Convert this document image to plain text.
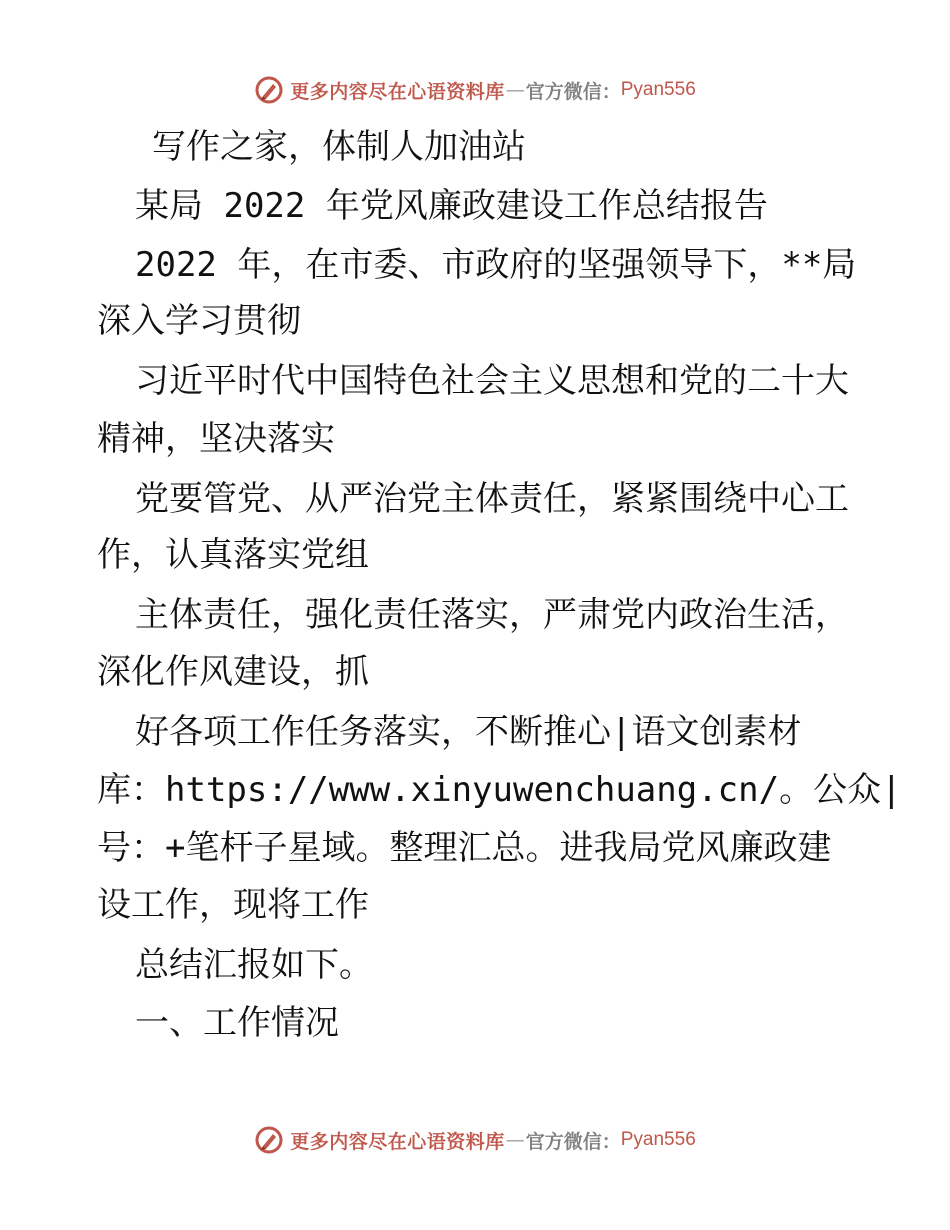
更多内容尽在心语资料库 — 官方微信： Pyan556
写作之家，体制人加油站
某局 2022 年党风廉政建设工作总结报告
2022 年，在市委、市政府的坚强领导下，**局
深入学习贯彻
习近平时代中国特色社会主义思想和党的二十大
精神，坚决落实
党要管党、从严治党主体责任，紧紧围绕中心工
作，认真落实党组
主体责任，强化责任落实，严肃党内政治生活，
深化作风建设，抓
好各项工作任务落实，不断推心|语文创素材
库：https://www.xinyuwenchuang.cn/。公众|
号：+笔杆子星域。整理汇总。进我局党风廉政建
设工作，现将工作
总结汇报如下。
一、工作情况
更多内容尽在心语资料库 — 官方微信： Pyan556
